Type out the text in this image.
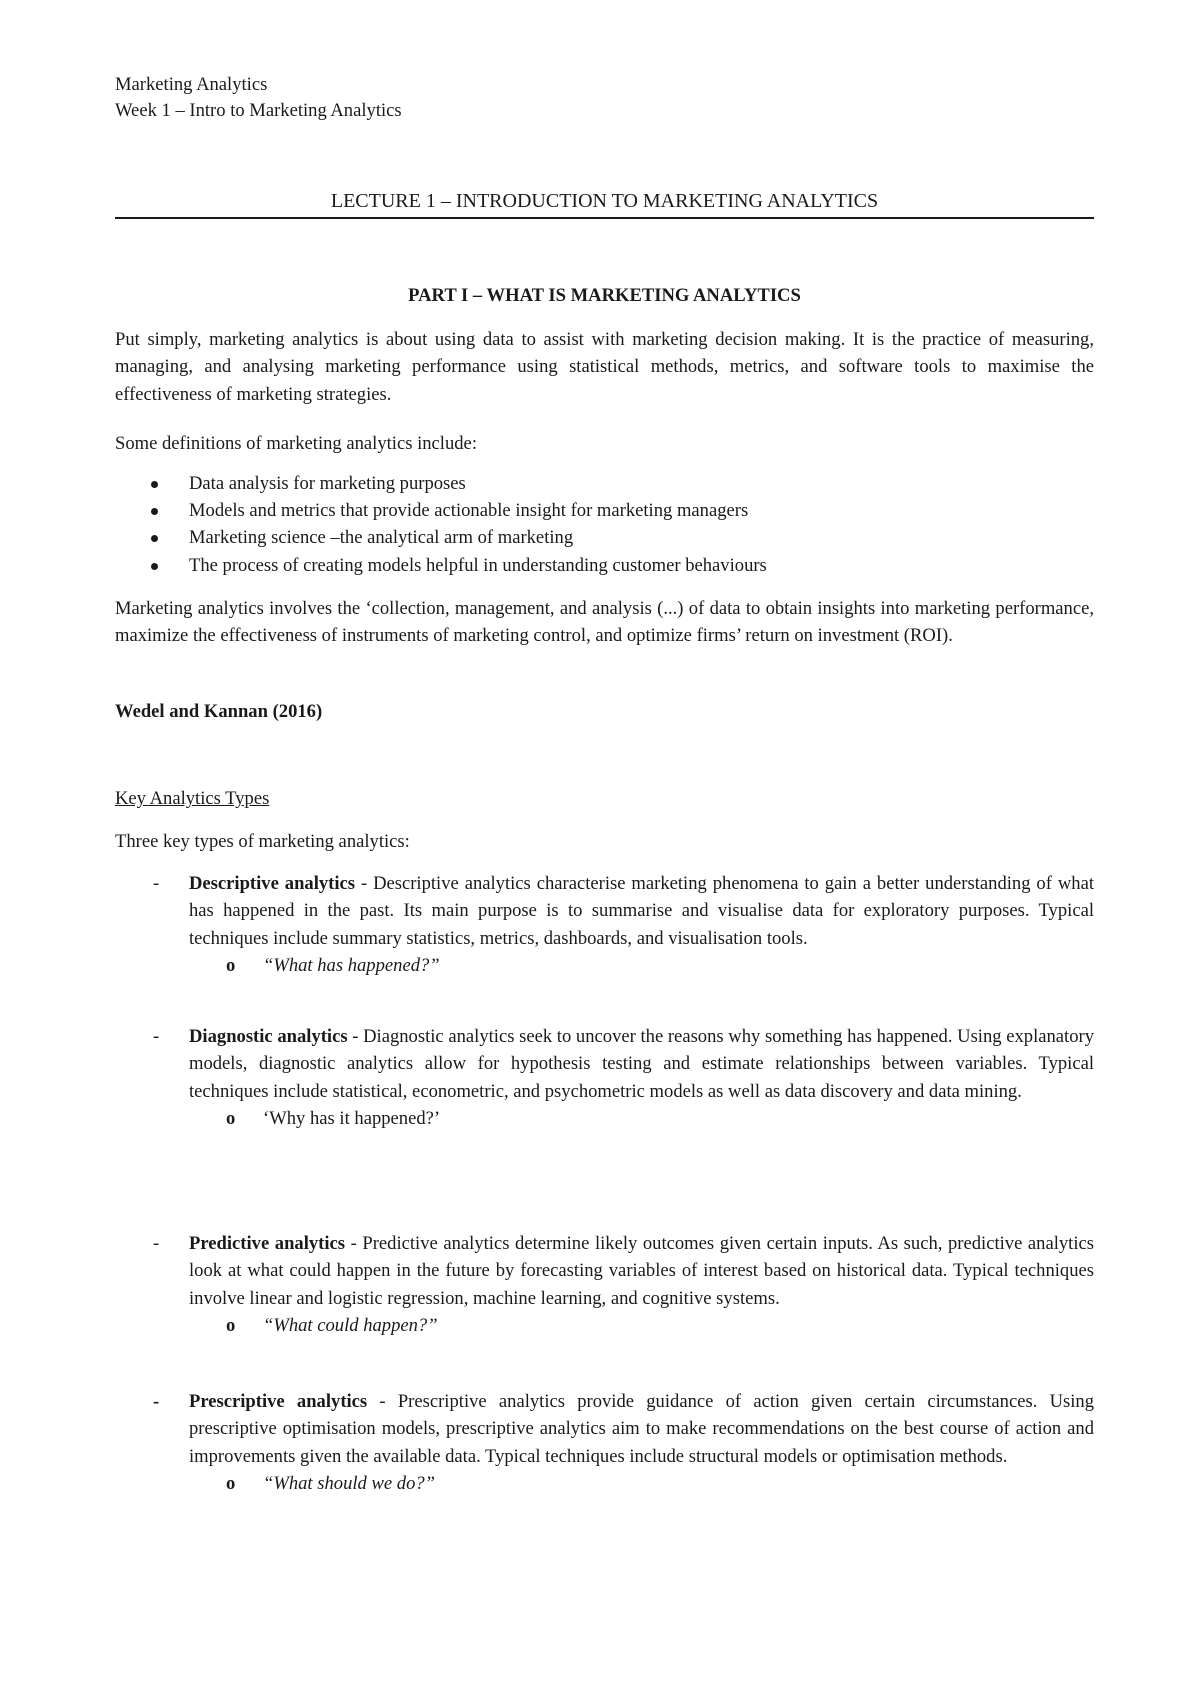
Marketing Analytics
Week 1 – Intro to Marketing Analytics
LECTURE 1 – INTRODUCTION TO MARKETING ANALYTICS
PART I – WHAT IS MARKETING ANALYTICS
Put simply, marketing analytics is about using data to assist with marketing decision making. It is the practice of measuring, managing, and analysing marketing performance using statistical methods, metrics, and software tools to maximise the effectiveness of marketing strategies.
Some definitions of marketing analytics include:
Data analysis for marketing purposes
Models and metrics that provide actionable insight for marketing managers
Marketing science –the analytical arm of marketing
The process of creating models helpful in understanding customer behaviours
Marketing analytics involves the ‘collection, management, and analysis (...) of data to obtain insights into marketing performance, maximize the effectiveness of instruments of marketing control, and optimize firms’ return on investment (ROI).
Wedel and Kannan (2016)
Key Analytics Types
Three key types of marketing analytics:
- Descriptive analytics - Descriptive analytics characterise marketing phenomena to gain a better understanding of what has happened in the past. Its main purpose is to summarise and visualise data for exploratory purposes. Typical techniques include summary statistics, metrics, dashboards, and visualisation tools.
o “What has happened?”
- Diagnostic analytics - Diagnostic analytics seek to uncover the reasons why something has happened. Using explanatory models, diagnostic analytics allow for hypothesis testing and estimate relationships between variables. Typical techniques include statistical, econometric, and psychometric models as well as data discovery and data mining.
o ‘Why has it happened?’
- Predictive analytics - Predictive analytics determine likely outcomes given certain inputs. As such, predictive analytics look at what could happen in the future by forecasting variables of interest based on historical data. Typical techniques involve linear and logistic regression, machine learning, and cognitive systems.
o “What could happen?”
- Prescriptive analytics - Prescriptive analytics provide guidance of action given certain circumstances. Using prescriptive optimisation models, prescriptive analytics aim to make recommendations on the best course of action and improvements given the available data. Typical techniques include structural models or optimisation methods.
o “What should we do?”
